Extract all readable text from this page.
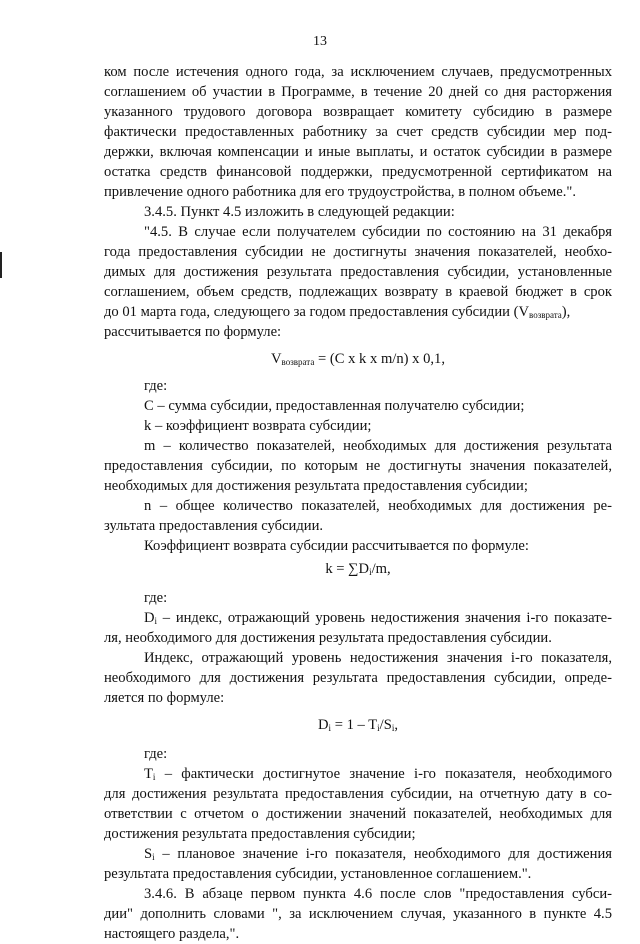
13
ком после истечения одного года, за исключением случаев, предусмотренных
соглашением об участии в Программе, в течение 20 дней со дня расторжения
указанного трудового договора возвращает комитету субсидию в размере
фактически предоставленных работнику за счет средств субсидии мер под-
держки, включая компенсации и иные выплаты, и остаток субсидии в размере
остатка средств финансовой поддержки, предусмотренной сертификатом на
привлечение одного работника для его трудоустройства, в полном объеме.".
3.4.5. Пункт 4.5 изложить в следующей редакции:
"4.5. В случае если получателем субсидии по состоянию на 31 декабря
года предоставления субсидии не достигнуты значения показателей, необхо-
димых для достижения результата предоставления субсидии, установленные
соглашением, объем средств, подлежащих возврату в краевой бюджет в срок
до 01 марта года, следующего за годом предоставления субсидии $(V_{возврата})$,
рассчитывается по формуле:
$V_{возврата} = (C$ x k x m/n) x 0,1,
где:
C – сумма субсидии, предоставленная получателю субсидии;
k – коэффициент возврата субсидии;
m – количество показателей, необходимых для достижения результата
предоставления субсидии, по которым не достигнуты значения показателей,
необходимых для достижения результата предоставления субсидии;
n – общее количество показателей, необходимых для достижения ре-
зультата предоставления субсидии.
Коэффициент возврата субсидии рассчитывается по формуле:
$k = \sum D_i/m$,
где:
$D_i$ – индекс, отражающий уровень недостижения значения i-го показате-
ля, необходимого для достижения результата предоставления субсидии.
Индекс, отражающий уровень недостижения значения i-го показателя,
необходимого для достижения результата предоставления субсидии, опреде-
ляется по формуле:
$D_i = 1 - T_i/S_i$,
где:
$T_i$ – фактически достигнутое значение i-го показателя, необходимого
для достижения результата предоставления субсидии, на отчетную дату в со-
ответствии с отчетом о достижении значений показателей, необходимых для
достижения результата предоставления субсидии;
$S_i$ – плановое значение i-го показателя, необходимого для достижения
результата предоставления субсидии, установленное соглашением.".
3.4.6. В абзаце первом пункта 4.6 после слов "предоставления субси-
дии" дополнить словами ", за исключением случая, указанного в пункте 4.5
настоящего раздела,".
